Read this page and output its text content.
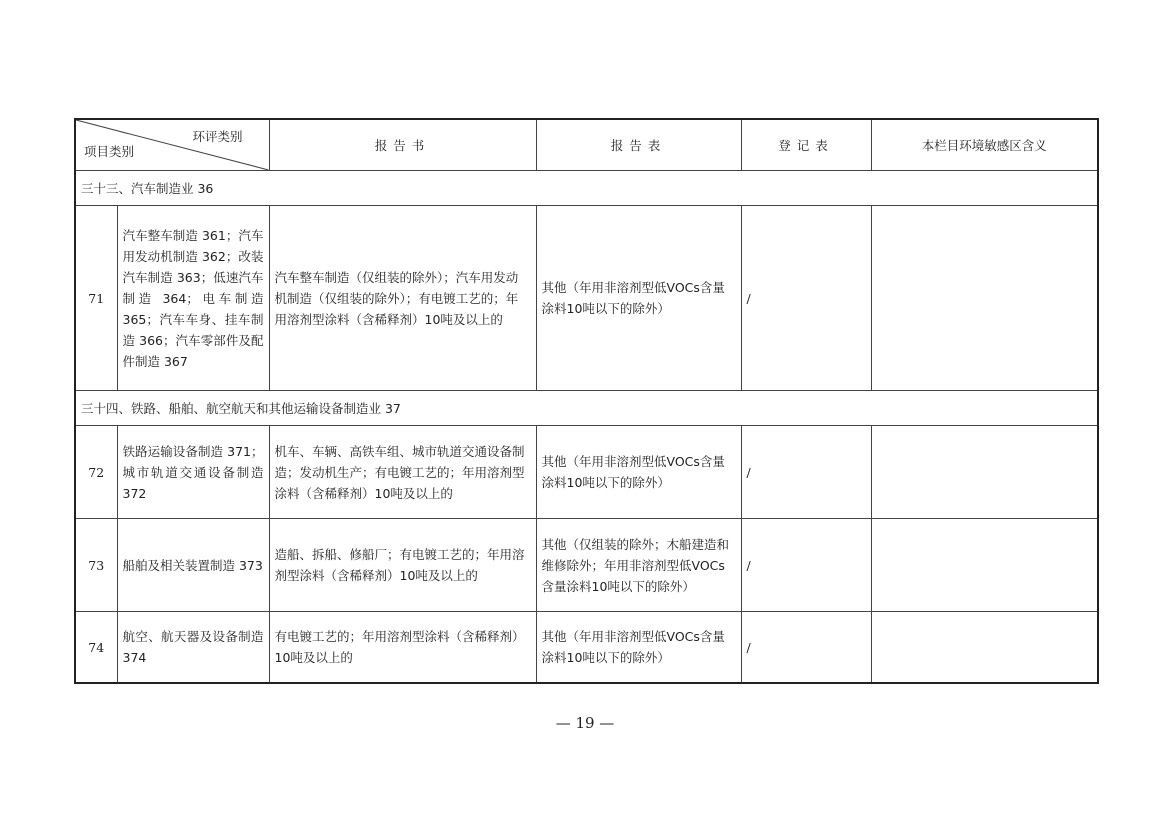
环评类别
项目类别		报告书	报告表	登记表	本栏目环境敏感区含义
三十三、汽车制造业 36					
71	汽车整车制造 361；汽车用发动机制造 362；改装汽车制造 363；低速汽车制造 364；电车制造 365；汽车车身、挂车制造 366；汽车零部件及配件制造 367	汽车整车制造（仅组装的除外）；汽车用发动机制造（仅组装的除外）；有电镀工艺的；年用溶剂型涂料（含稀释剂）10吨及以上的	其他（年用非溶剂型低VOCs含量涂料10吨以下的除外）	/	
三十四、铁路、船舶、航空航天和其他运输设备制造业 37					
72	铁路运输设备制造 371；城市轨道交通设备制造 372	机车、车辆、高铁车组、城市轨道交通设备制造；发动机生产；有电镀工艺的；年用溶剂型涂料（含稀释剂）10吨及以上的	其他（年用非溶剂型低VOCs含量涂料10吨以下的除外）	/	
73	船舶及相关装置制造 373	造船、拆船、修船厂；有电镀工艺的；年用溶剂型涂料（含稀释剂）10吨及以上的	其他（仅组装的除外；木船建造和维修除外；年用非溶剂型低VOCs含量涂料10吨以下的除外）	/	
74	航空、航天器及设备制造 374	有电镀工艺的；年用溶剂型涂料（含稀释剂）10吨及以上的	其他（年用非溶剂型低VOCs含量涂料10吨以下的除外）	/	
— 19 —
